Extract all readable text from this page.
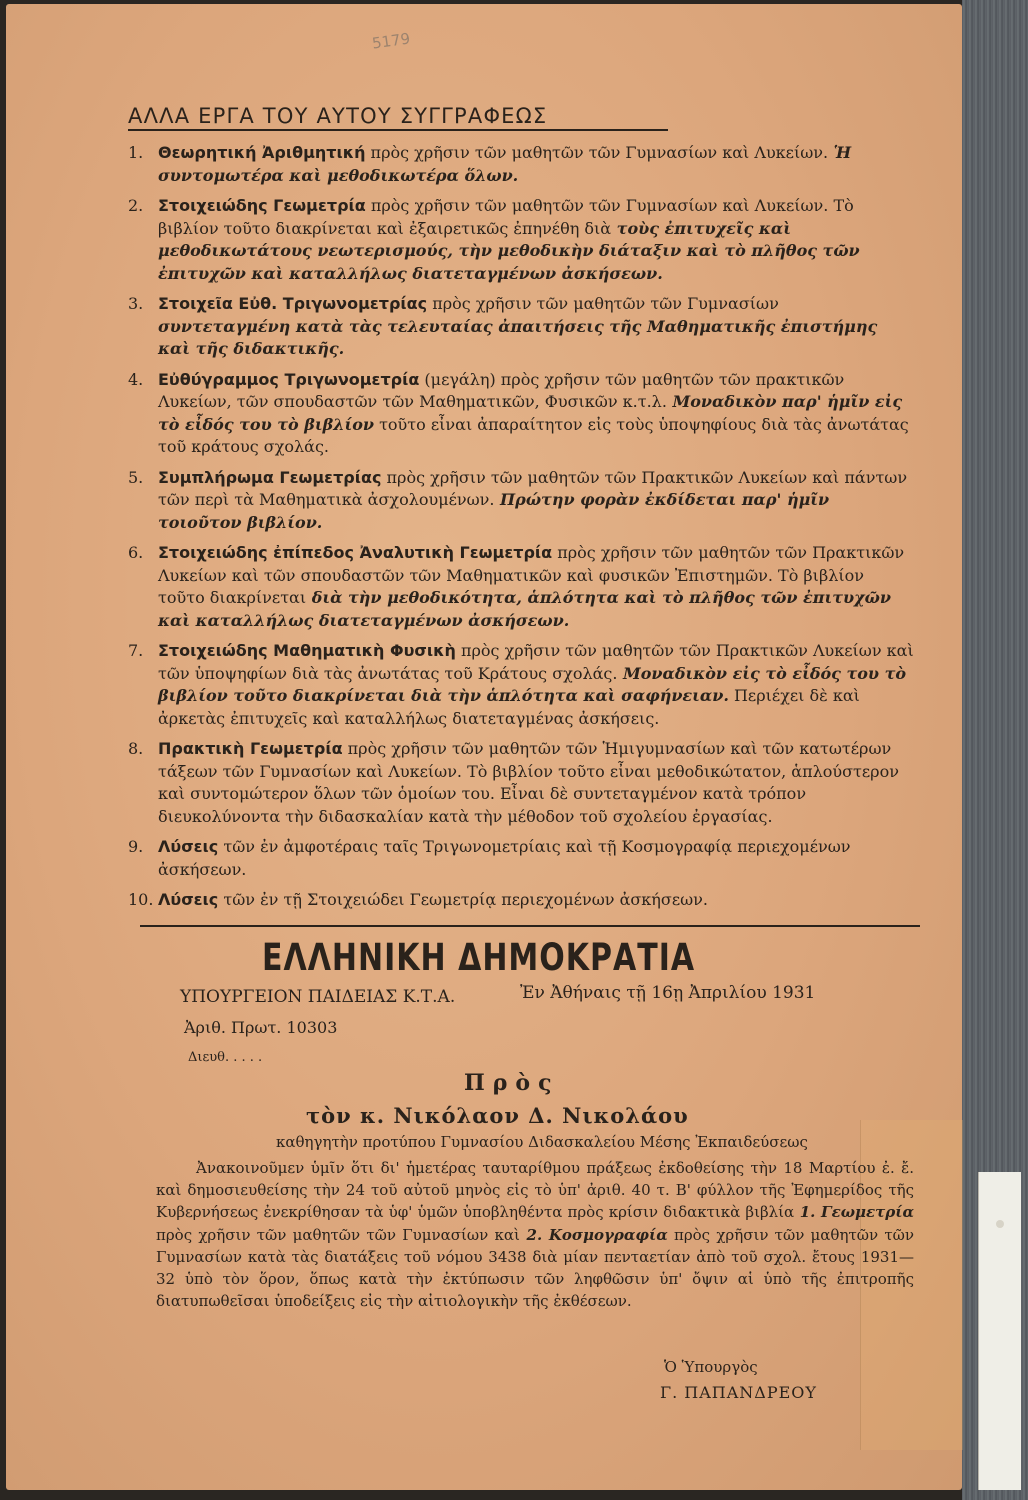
5179
ΑΛΛΑ ΕΡΓΑ ΤΟΥ ΑΥΤΟΥ ΣΥΓΓΡΑΦΕΩΣ
1. Θεωρητική Ἀριθμητική πρὸς χρῆσιν τῶν μαθητῶν τῶν Γυμνασίων καὶ Λυκείων. Ἡ συντομωτέρα καὶ μεθοδικωτέρα ὅλων.
2. Στοιχειώδης Γεωμετρία πρὸς χρῆσιν τῶν μαθητῶν τῶν Γυμνασίων καὶ Λυκείων. Τὸ βιβλίον τοῦτο διακρίνεται καὶ ἐξαιρετικῶς ἐπηνέθη διὰ τοὺς ἐπιτυχεῖς καὶ μεθοδικωτάτους νεωτερισμούς, τὴν μεθοδικὴν διάταξιν καὶ τὸ πλῆθος τῶν ἐπιτυχῶν καὶ καταλλήλως διατεταγμένων ἀσκήσεων.
3. Στοιχεῖα Εὐθ. Τριγωνομετρίας πρὸς χρῆσιν τῶν μαθητῶν τῶν Γυμνασίων συντεταγμένη κατὰ τὰς τελευταίας ἀπαιτήσεις τῆς Μαθηματικῆς ἐπιστήμης καὶ τῆς διδακτικῆς.
4. Εὐθύγραμμος Τριγωνομετρία (μεγάλη) πρὸς χρῆσιν τῶν μαθητῶν τῶν πρακτικῶν Λυκείων, τῶν σπουδαστῶν τῶν Μαθηματικῶν, Φυσικῶν κ.τ.λ. Μοναδικὸν παρ' ἡμῖν εἰς τὸ εἶδός του τὸ βιβλίον τοῦτο εἶναι ἀπαραίτητον εἰς τοὺς ὑποψηφίους διὰ τὰς ἀνωτάτας τοῦ κράτους σχολάς.
5. Συμπλήρωμα Γεωμετρίας πρὸς χρῆσιν τῶν μαθητῶν τῶν Πρακτικῶν Λυκείων καὶ πάντων τῶν περὶ τὰ Μαθηματικὰ ἀσχολουμένων. Πρώτην φορὰν ἐκδίδεται παρ' ἡμῖν τοιοῦτον βιβλίον.
6. Στοιχειώδης ἐπίπεδος Ἀναλυτικὴ Γεωμετρία πρὸς χρῆσιν τῶν μαθητῶν τῶν Πρακτικῶν Λυκείων καὶ τῶν σπουδαστῶν τῶν Μαθηματικῶν καὶ φυσικῶν Ἐπιστημῶν. Τὸ βιβλίον τοῦτο διακρίνεται διὰ τὴν μεθοδικότητα, ἁπλότητα καὶ τὸ πλῆθος τῶν ἐπιτυχῶν καὶ καταλλήλως διατεταγμένων ἀσκήσεων.
7. Στοιχειώδης Μαθηματικὴ Φυσικὴ πρὸς χρῆσιν τῶν μαθητῶν τῶν Πρακτικῶν Λυκείων καὶ τῶν ὑποψηφίων διὰ τὰς ἀνωτάτας τοῦ Κράτους σχολάς. Μοναδικὸν εἰς τὸ εἶδός του τὸ βιβλίον τοῦτο διακρίνεται διὰ τὴν ἁπλότητα καὶ σαφήνειαν. Περιέχει δὲ καὶ ἀρκετὰς ἐπιτυχεῖς καὶ καταλλήλως διατεταγμένας ἀσκήσεις.
8. Πρακτικὴ Γεωμετρία πρὸς χρῆσιν τῶν μαθητῶν τῶν Ἡμιγυμνασίων καὶ τῶν κατωτέρων τάξεων τῶν Γυμνασίων καὶ Λυκείων. Τὸ βιβλίον τοῦτο εἶναι μεθοδικώτατον, ἁπλούστερον καὶ συντομώτερον ὅλων τῶν ὁμοίων του. Εἶναι δὲ συντεταγμένον κατὰ τρόπον διευκολύνοντα τὴν διδασκαλίαν κατὰ τὴν μέθοδον τοῦ σχολείου ἐργασίας.
9. Λύσεις τῶν ἐν ἀμφοτέραις ταῖς Τριγωνομετρίαις καὶ τῇ Κοσμογραφίᾳ περιεχομένων ἀσκήσεων.
10. Λύσεις τῶν ἐν τῇ Στοιχειώδει Γεωμετρίᾳ περιεχομένων ἀσκήσεων.
ΕΛΛΗΝΙΚΗ ΔΗΜΟΚΡΑΤΙΑ
ΥΠΟΥΡΓΕΙΟΝ ΠΑΙΔΕΙΑΣ Κ.Τ.Α.	Ἐν Ἀθήναις τῇ 16ῃ Ἀπριλίου 1931
Ἀριθ. Πρωτ. 10303
Διευθ. . . . .
Πρὸς
τὸν κ. Νικόλαον Δ. Νικολάου
καθηγητὴν προτύπου Γυμνασίου Διδασκαλείου Μέσης Ἐκπαιδεύσεως
Ἀνακοινοῦμεν ὑμῖν ὅτι δι' ἡμετέρας ταυταρίθμου πράξεως ἐκδοθείσης τὴν 18 Μαρτίου ἐ. ἔ. καὶ δημοσιευθείσης τὴν 24 τοῦ αὐτοῦ μηνὸς εἰς τὸ ὑπ' ἀριθ. 40 τ. Β' φύλλον τῆς Ἐφημερίδος τῆς Κυβερνήσεως ἐνεκρίθησαν τὰ ὑφ' ὑμῶν ὑποβληθέντα πρὸς κρίσιν διδακτικὰ βιβλία 1. Γεωμετρία πρὸς χρῆσιν τῶν μαθητῶν τῶν Γυμνασίων καὶ 2. Κοσμογραφία πρὸς χρῆσιν τῶν μαθητῶν τῶν Γυμνασίων κατὰ τὰς διατάξεις τοῦ νόμου 3438 διὰ μίαν πενταετίαν ἀπὸ τοῦ σχολ. ἔτους 1931—32 ὑπὸ τὸν ὅρον, ὅπως κατὰ τὴν ἐκτύπωσιν τῶν ληφθῶσιν ὑπ' ὄψιν αἱ ὑπὸ τῆς ἐπιτροπῆς διατυπωθεῖσαι ὑποδείξεις εἰς τὴν αἰτιολογικὴν τῆς ἐκθέσεων.
Ὁ Ὑπουργὸς
Γ. ΠΑΠΑΝΔΡΕΟΥ
